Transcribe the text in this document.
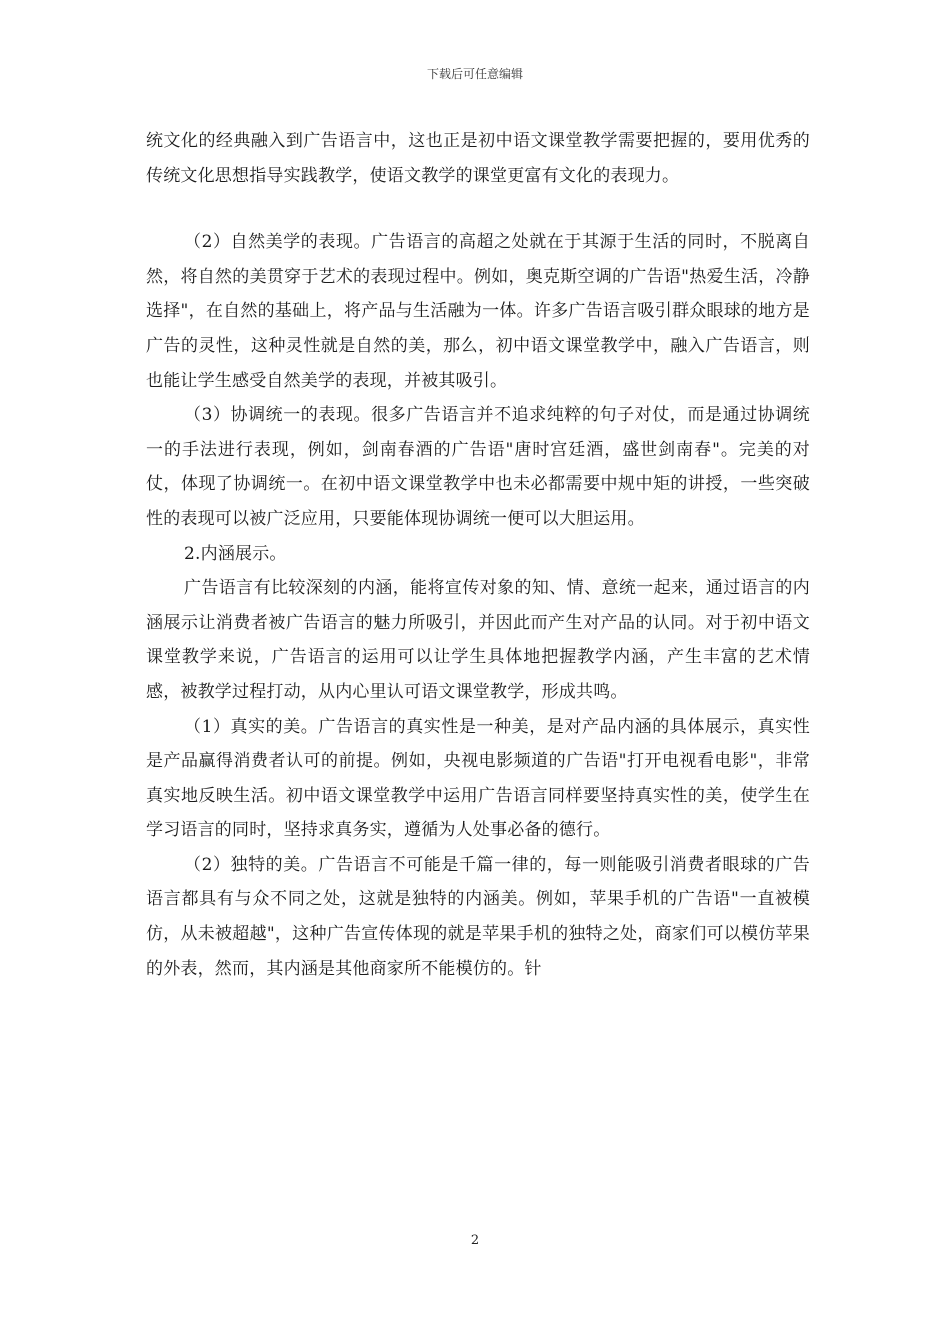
下载后可任意编辑

统文化的经典融入到广告语言中，这也正是初中语文课堂教学需要把握的，要用优秀的传统文化思想指导实践教学，使语文教学的课堂更富有文化的表现力。

（2）自然美学的表现。广告语言的高超之处就在于其源于生活的同时，不脱离自然，将自然的美贯穿于艺术的表现过程中。例如，奥克斯空调的广告语"热爱生活，冷静选择"，在自然的基础上，将产品与生活融为一体。许多广告语言吸引群众眼球的地方是广告的灵性，这种灵性就是自然的美，那么，初中语文课堂教学中，融入广告语言，则也能让学生感受自然美学的表现，并被其吸引。

（3）协调统一的表现。很多广告语言并不追求纯粹的句子对仗，而是通过协调统一的手法进行表现，例如，剑南春酒的广告语"唐时宫廷酒，盛世剑南春"。完美的对仗，体现了协调统一。在初中语文课堂教学中也未必都需要中规中矩的讲授，一些突破性的表现可以被广泛应用，只要能体现协调统一便可以大胆运用。

2.内涵展示。

广告语言有比较深刻的内涵，能将宣传对象的知、情、意统一起来，通过语言的内涵展示让消费者被广告语言的魅力所吸引，并因此而产生对产品的认同。对于初中语文课堂教学来说，广告语言的运用可以让学生具体地把握教学内涵，产生丰富的艺术情感，被教学过程打动，从内心里认可语文课堂教学，形成共鸣。

（1）真实的美。广告语言的真实性是一种美，是对产品内涵的具体展示，真实性是产品赢得消费者认可的前提。例如，央视电影频道的广告语"打开电视看电影"，非常真实地反映生活。初中语文课堂教学中运用广告语言同样要坚持真实性的美，使学生在学习语言的同时，坚持求真务实，遵循为人处事必备的德行。

（2）独特的美。广告语言不可能是千篇一律的，每一则能吸引消费者眼球的广告语言都具有与众不同之处，这就是独特的内涵美。例如，苹果手机的广告语"一直被模仿，从未被超越"，这种广告宣传体现的就是苹果手机的独特之处，商家们可以模仿苹果的外表，然而，其内涵是其他商家所不能模仿的。针

2
